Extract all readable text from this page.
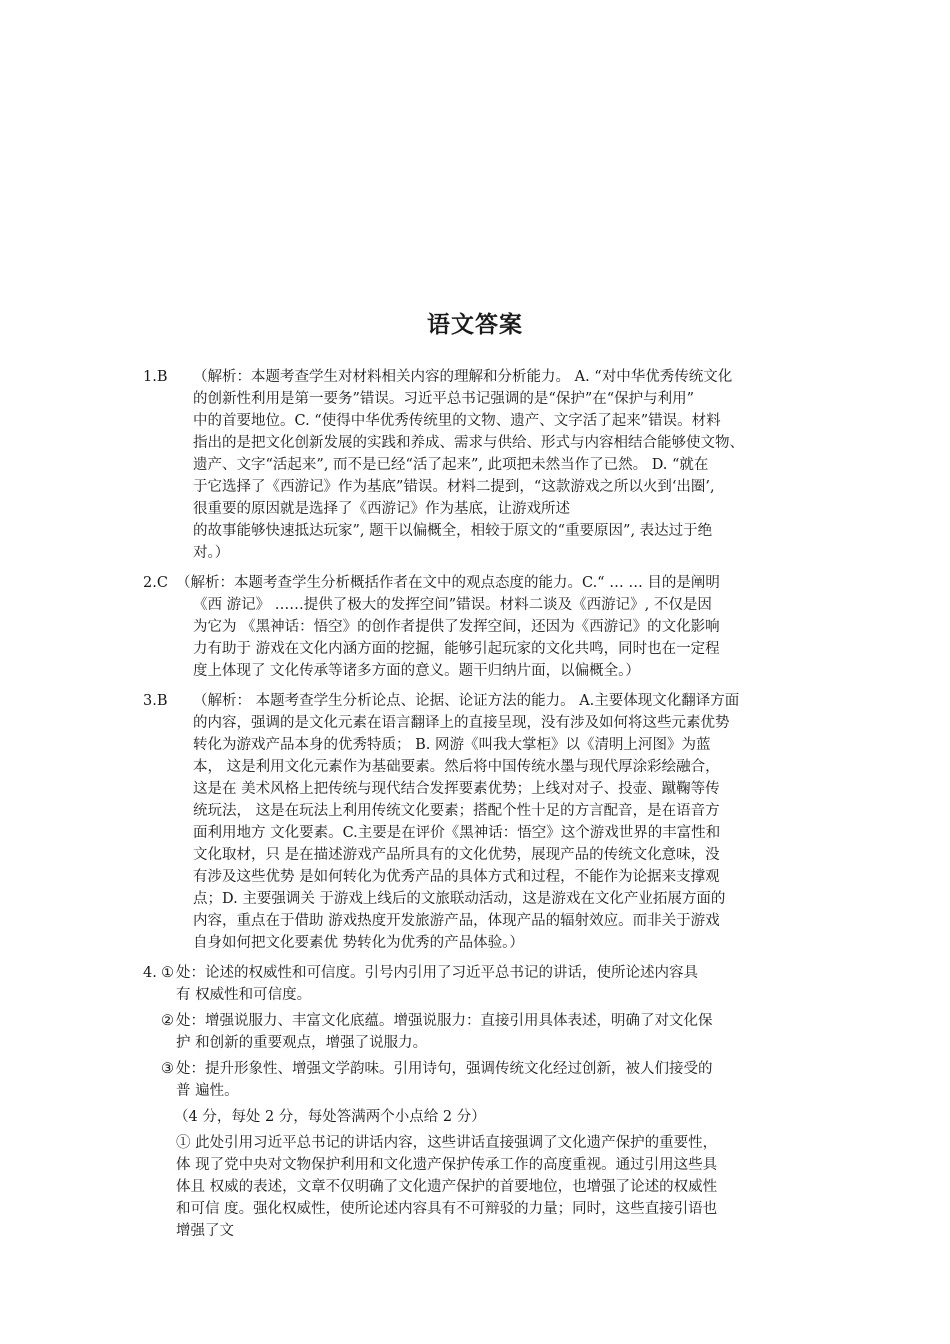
语文答案
1.B	（解析：本题考查学生对材料相关内容的理解和分析能力。 A. “对中华优秀传统文化
的创新性利用是第一要务”错误。习近平总书记强调的是“保护”在“保护与利用”
中的首要地位。C. “使得中华优秀传统里的文物、遗产、文字活了起来”错误。材料
指出的是把文化创新发展的实践和养成、需求与供给、形式与内容相结合能够使文物、
遗产、文字“活起来”, 而不是已经“活了起来”, 此项把未然当作了已然。 D. “就在
于它选择了《西游记》作为基底”错误。材料二提到，“这款游戏之所以火到‘出圈’,
很重要的原因就是选择了《西游记》作为基底，让游戏所述
的故事能够快速抵达玩家”, 题干以偏概全，相较于原文的“重要原因”, 表达过于绝
对。）
2.C （解析：本题考查学生分析概括作者在文中的观点态度的能力。C.“ … … 目的是阐明
《西 游记》 ……提供了极大的发挥空间”错误。材料二谈及《西游记》, 不仅是因
为它为 《黑神话：悟空》的创作者提供了发挥空间，还因为《西游记》的文化影响
力有助于 游戏在文化内涵方面的挖掘，能够引起玩家的文化共鸣，同时也在一定程
度上体现了 文化传承等诸多方面的意义。题干归纳片面，以偏概全。）
3.B	（解析： 本题考查学生分析论点、论据、论证方法的能力。 A.主要体现文化翻译方面
的内容，强调的是文化元素在语言翻译上的直接呈现，没有涉及如何将这些元素优势
转化为游戏产品本身的优秀特质； B. 网游《叫我大掌柜》以《清明上河图》为蓝
本， 这是利用文化元素作为基础要素。然后将中国传统水墨与现代厚涂彩绘融合，
这是在 美术风格上把传统与现代结合发挥要素优势；上线对对子、投壶、蹴鞠等传
统玩法， 这是在玩法上利用传统文化要素；搭配个性十足的方言配音，是在语音方
面利用地方 文化要素。C.主要是在评价《黑神话：悟空》这个游戏世界的丰富性和
文化取材，只 是在描述游戏产品所具有的文化优势，展现产品的传统文化意味，没
有涉及这些优势 是如何转化为优秀产品的具体方式和过程，不能作为论据来支撑观
点；D. 主要强调关 于游戏上线后的文旅联动活动，这是游戏在文化产业拓展方面的
内容，重点在于借助 游戏热度开发旅游产品，体现产品的辐射效应。而非关于游戏
自身如何把文化要素优 势转化为优秀的产品体验。）
4. ① 处：论述的权威性和可信度。引号内引用了习近平总书记的讲话，使所论述内容具
有 权威性和可信度。
② 处：增强说服力、丰富文化底蕴。增强说服力：直接引用具体表述，明确了对文化保
护 和创新的重要观点，增强了说服力。
③ 处：提升形象性、增强文学韵味。引用诗句，强调传统文化经过创新，被人们接受的
普 遍性。
（4 分，每处 2 分，每处答满两个小点给 2 分）
① 此处引用习近平总书记的讲话内容，这些讲话直接强调了文化遗产保护的重要性，
体 现了党中央对文物保护利用和文化遗产保护传承工作的高度重视。通过引用这些具
体且 权威的表述，文章不仅明确了文化遗产保护的首要地位，也增强了论述的权威性
和可信 度。强化权威性，使所论述内容具有不可辩驳的力量；同时，这些直接引语也
增强了文
